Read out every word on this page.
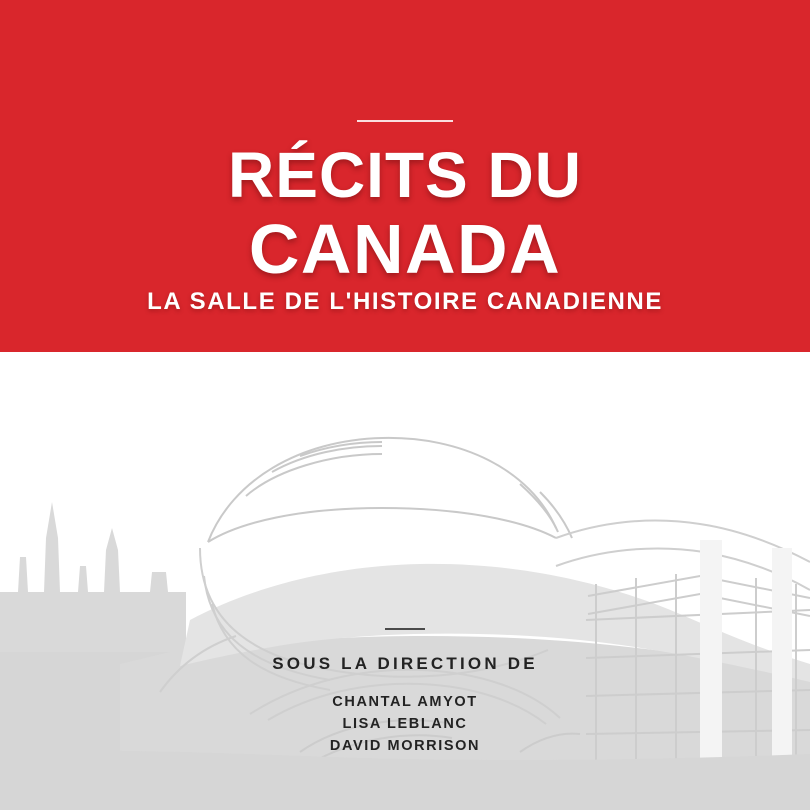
RÉCITS DU
CANADA
LA SALLE DE L'HISTOIRE CANADIENNE
SOUS LA DIRECTION DE
CHANTAL AMYOT
LISA LEBLANC
DAVID MORRISON
